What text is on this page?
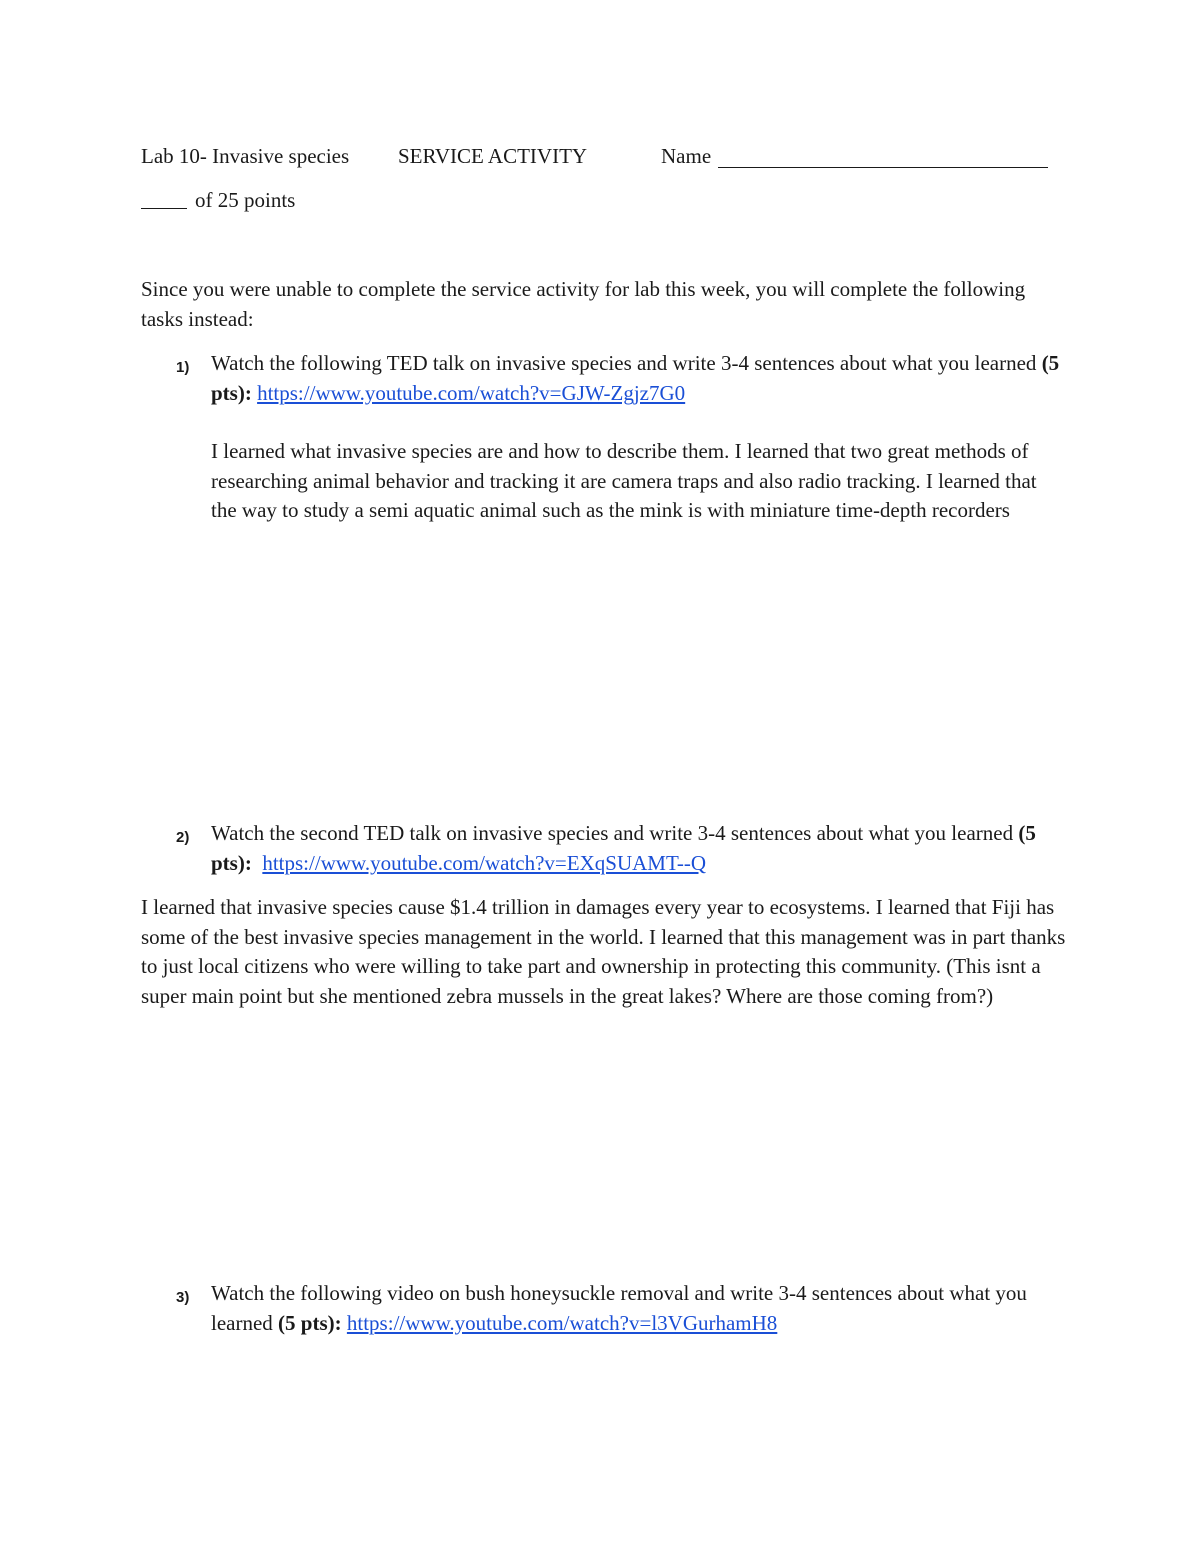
Lab 10- Invasive species SERVICE ACTIVITY	Name
of 25 points
Since you were unable to complete the service activity for lab this week, you will complete the following tasks instead:
1) Watch the following TED talk on invasive species and write 3-4 sentences about what you learned (5 pts): https://www.youtube.com/watch?v=GJW-Zgjz7G0
I learned what invasive species are and how to describe them. I learned that two great methods of researching animal behavior and tracking it are camera traps and also radio tracking. I learned that the way to study a semi aquatic animal such as the mink is with miniature time-depth recorders
2) Watch the second TED talk on invasive species and write 3-4 sentences about what you learned (5 pts): https://www.youtube.com/watch?v=EXqSUAMT--Q
I learned that invasive species cause $1.4 trillion in damages every year to ecosystems. I learned that Fiji has some of the best invasive species management in the world. I learned that this management was in part thanks to just local citizens who were willing to take part and ownership in protecting this community. (This isnt a super main point but she mentioned zebra mussels in the great lakes? Where are those coming from?)
3) Watch the following video on bush honeysuckle removal and write 3-4 sentences about what you learned (5 pts): https://www.youtube.com/watch?v=l3VGurhamH8
